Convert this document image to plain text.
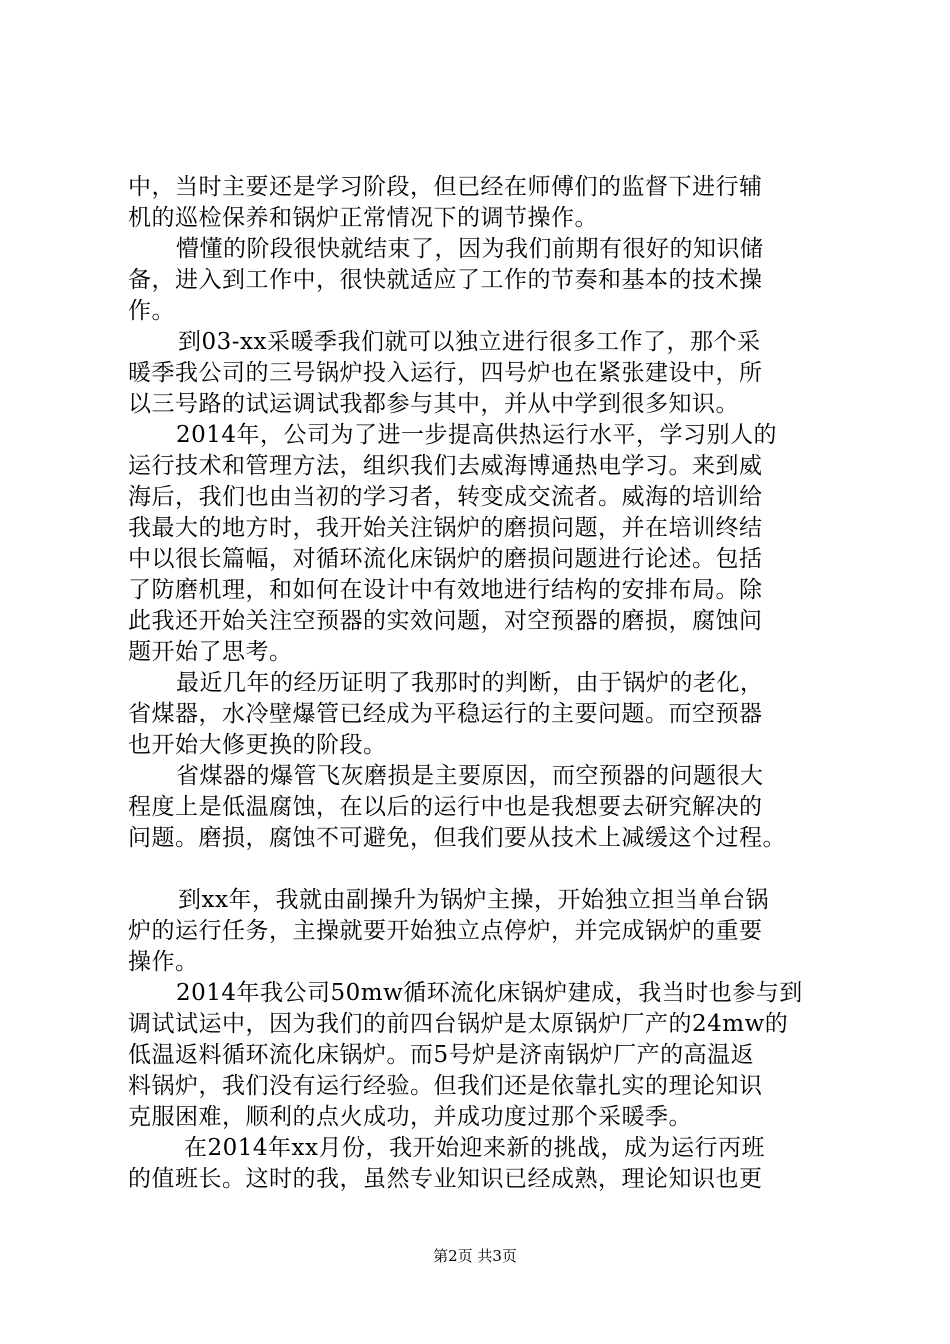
中，当时主要还是学习阶段，但已经在师傅们的监督下进行辅
机的巡检保养和锅炉正常情况下的调节操作。
懵懂的阶段很快就结束了，因为我们前期有很好的知识储
备，进入到工作中，很快就适应了工作的节奏和基本的技术操
作。
到03-xx采暖季我们就可以独立进行很多工作了，那个采
暖季我公司的三号锅炉投入运行，四号炉也在紧张建设中，所
以三号路的试运调试我都参与其中，并从中学到很多知识。
2014年，公司为了进一步提高供热运行水平，学习别人的
运行技术和管理方法，组织我们去威海博通热电学习。来到威
海后，我们也由当初的学习者，转变成交流者。威海的培训给
我最大的地方时，我开始关注锅炉的磨损问题，并在培训终结
中以很长篇幅，对循环流化床锅炉的磨损问题进行论述。包括
了防磨机理，和如何在设计中有效地进行结构的安排布局。除
此我还开始关注空预器的实效问题，对空预器的磨损，腐蚀问
题开始了思考。
最近几年的经历证明了我那时的判断，由于锅炉的老化，
省煤器，水冷壁爆管已经成为平稳运行的主要问题。而空预器
也开始大修更换的阶段。
省煤器的爆管飞灰磨损是主要原因，而空预器的问题很大
程度上是低温腐蚀，在以后的运行中也是我想要去研究解决的
问题。磨损，腐蚀不可避免，但我们要从技术上减缓这个过程。
到xx年，我就由副操升为锅炉主操，开始独立担当单台锅
炉的运行任务，主操就要开始独立点停炉，并完成锅炉的重要
操作。
2014年我公司50mw循环流化床锅炉建成，我当时也参与到
调试试运中，因为我们的前四台锅炉是太原锅炉厂产的24mw的
低温返料循环流化床锅炉。而5号炉是济南锅炉厂产的高温返
料锅炉，我们没有运行经验。但我们还是依靠扎实的理论知识
克服困难，顺利的点火成功，并成功度过那个采暖季。
在2014年xx月份，我开始迎来新的挑战，成为运行丙班
的值班长。这时的我，虽然专业知识已经成熟，理论知识也更
第2页 共3页
